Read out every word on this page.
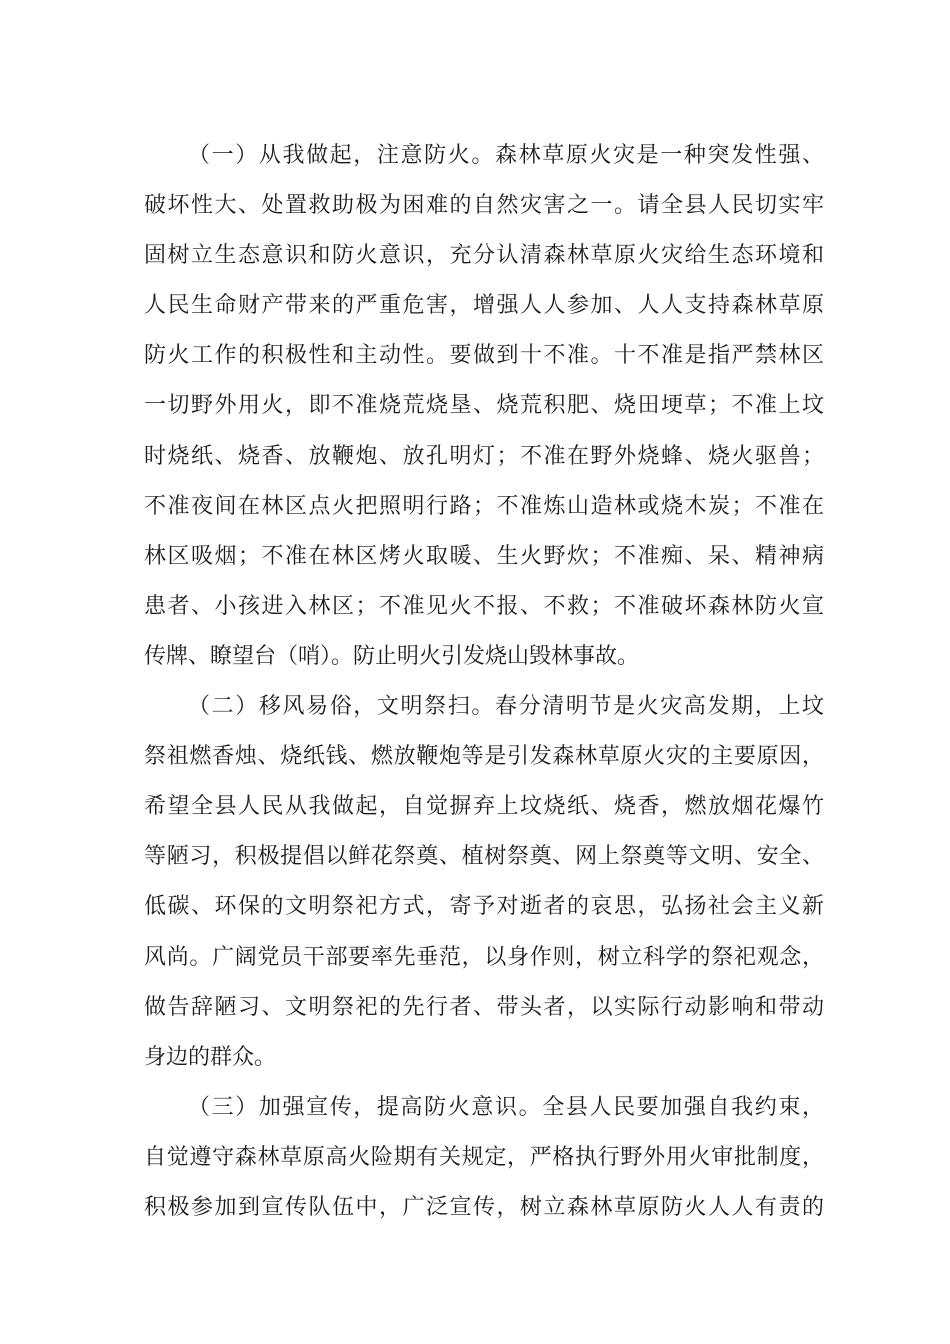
（一）从我做起，注意防火。森林草原火灾是一种突发性强、
破坏性大、处置救助极为困难的自然灾害之一。请全县人民切实牢
固树立生态意识和防火意识，充分认清森林草原火灾给生态环境和
人民生命财产带来的严重危害，增强人人参加、人人支持森林草原
防火工作的积极性和主动性。要做到十不准。十不准是指严禁林区
一切野外用火，即不准烧荒烧垦、烧荒积肥、烧田埂草；不准上坟
时烧纸、烧香、放鞭炮、放孔明灯；不准在野外烧蜂、烧火驱兽；
不准夜间在林区点火把照明行路；不准炼山造林或烧木炭；不准在
林区吸烟；不准在林区烤火取暖、生火野炊；不准痴、呆、精神病
患者、小孩进入林区；不准见火不报、不救；不准破坏森林防火宣
传牌、瞭望台（哨）。防止明火引发烧山毁林事故。
（二）移风易俗，文明祭扫。春分清明节是火灾高发期，上坟
祭祖燃香烛、烧纸钱、燃放鞭炮等是引发森林草原火灾的主要原因，
希望全县人民从我做起，自觉摒弃上坟烧纸、烧香，燃放烟花爆竹
等陋习，积极提倡以鲜花祭奠、植树祭奠、网上祭奠等文明、安全、
低碳、环保的文明祭祀方式，寄予对逝者的哀思，弘扬社会主义新
风尚。广阔党员干部要率先垂范，以身作则，树立科学的祭祀观念，
做告辞陋习、文明祭祀的先行者、带头者，以实际行动影响和带动
身边的群众。
（三）加强宣传，提高防火意识。全县人民要加强自我约束，
自觉遵守森林草原高火险期有关规定，严格执行野外用火审批制度，
积极参加到宣传队伍中，广泛宣传，树立森林草原防火人人有责的
